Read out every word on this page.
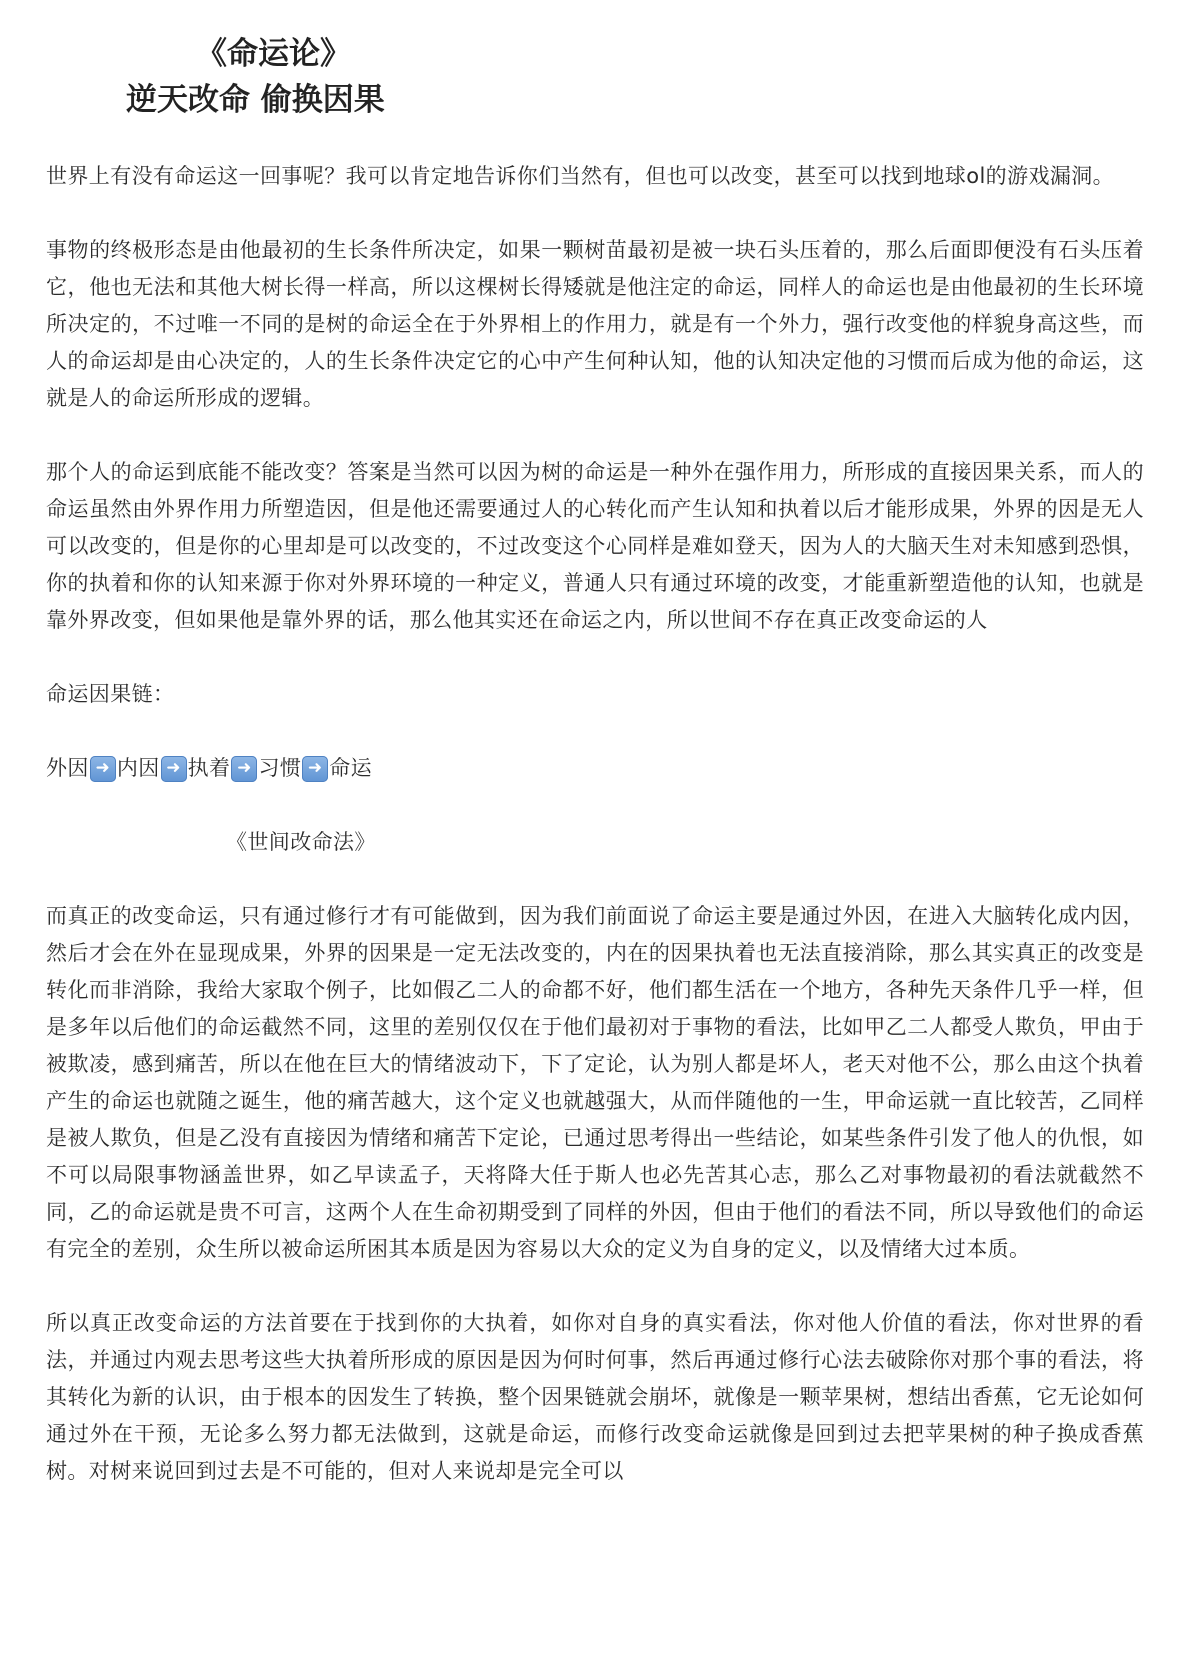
《命运论》
逆天改命 偷换因果

世界上有没有命运这一回事呢？我可以肯定地告诉你们当然有，但也可以改变，甚至可以找到地球ol的游戏漏洞。

事物的终极形态是由他最初的生长条件所决定，如果一颗树苗最初是被一块石头压着的，那么后面即便没有石头压着它，他也无法和其他大树长得一样高，所以这棵树长得矮就是他注定的命运，同样人的命运也是由他最初的生长环境所决定的，不过唯一不同的是树的命运全在于外界相上的作用力，就是有一个外力，强行改变他的样貌身高这些，而人的命运却是由心决定的，人的生长条件决定它的心中产生何种认知，他的认知决定他的习惯而后成为他的命运，这就是人的命运所形成的逻辑。

那个人的命运到底能不能改变？答案是当然可以因为树的命运是一种外在强作用力，所形成的直接因果关系，而人的命运虽然由外界作用力所塑造因，但是他还需要通过人的心转化而产生认知和执着以后才能形成果，外界的因是无人可以改变的，但是你的心里却是可以改变的，不过改变这个心同样是难如登天，因为人的大脑天生对未知感到恐惧，你的执着和你的认知来源于你对外界环境的一种定义，普通人只有通过环境的改变，才能重新塑造他的认知，也就是靠外界改变，但如果他是靠外界的话，那么他其实还在命运之内，所以世间不存在真正改变命运的人

命运因果链：

外因 ➜ 内因 ➜ 执着 ➜ 习惯 ➜ 命运
《世间改命法》

而真正的改变命运，只有通过修行才有可能做到，因为我们前面说了命运主要是通过外因，在进入大脑转化成内因，然后才会在外在显现成果，外界的因果是一定无法改变的，内在的因果执着也无法直接消除，那么其实真正的改变是转化而非消除，我给大家取个例子，比如假乙二人的命都不好，他们都生活在一个地方，各种先天条件几乎一样，但是多年以后他们的命运截然不同，这里的差别仅仅在于他们最初对于事物的看法，比如甲乙二人都受人欺负，甲由于被欺凌，感到痛苦，所以在他在巨大的情绪波动下，下了定论，认为别人都是坏人，老天对他不公，那么由这个执着产生的命运也就随之诞生，他的痛苦越大，这个定义也就越强大，从而伴随他的一生，甲命运就一直比较苦，乙同样是被人欺负，但是乙没有直接因为情绪和痛苦下定论，已通过思考得出一些结论，如某些条件引发了他人的仇恨，如不可以局限事物涵盖世界，如乙早读孟子，天将降大任于斯人也必先苦其心志，那么乙对事物最初的看法就截然不同，乙的命运就是贵不可言，这两个人在生命初期受到了同样的外因，但由于他们的看法不同，所以导致他们的命运有完全的差别，众生所以被命运所困其本质是因为容易以大众的定义为自身的定义，以及情绪大过本质。

所以真正改变命运的方法首要在于找到你的大执着，如你对自身的真实看法，你对他人价值的看法，你对世界的看法，并通过内观去思考这些大执着所形成的原因是因为何时何事，然后再通过修行心法去破除你对那个事的看法，将其转化为新的认识，由于根本的因发生了转换，整个因果链就会崩坏，就像是一颗苹果树，想结出香蕉，它无论如何通过外在干预，无论多么努力都无法做到，这就是命运，而修行改变命运就像是回到过去把苹果树的种子换成香蕉树。对树来说回到过去是不可能的，但对人来说却是完全可以
